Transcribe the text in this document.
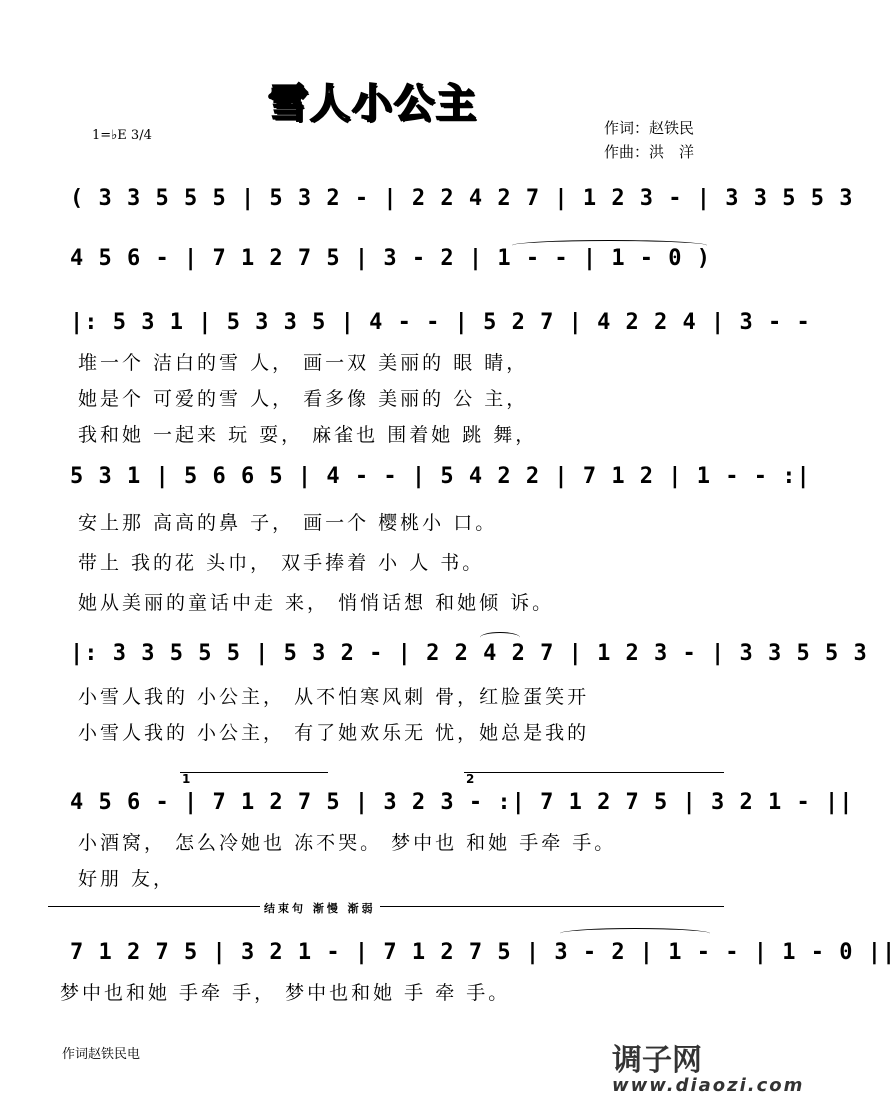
雪人小公主
1=♭E 3/4	作词：赵铁民
作曲：洪　洋
( 3 3 5 5 5 | 5 3 2 - | 2 2 4 2 7 | 1 2 3 - | 3 3 5 5 3
4 5 6 - | 7 1 2 7 5 | 3 - 2 | 1 - - | 1 - 0 )
|: 5 3 1 | 5 3 3 5 | 4 - - | 5 2 7 | 4 2 2 4 | 3 - -
堆一个 洁白的雪 人， 画一双 美丽的 眼 睛，
她是个 可爱的雪 人， 看多像 美丽的 公 主，
我和她 一起来 玩 耍， 麻雀也 围着她 跳 舞，
5 3 1 | 5 6 6 5 | 4 - - | 5 4 2 2 | 7 1 2 | 1 - - :|
安上那 高高的鼻 子， 画一个 樱桃小 口。
带上 我的花 头巾， 双手捧着 小 人 书。
她从美丽的童话中走 来， 悄悄话想 和她倾 诉。
|: 3 3 5 5 5 | 5 3 2 - | 2 2 4 2 7 | 1 2 3 - | 3 3 5 5 3
小雪人我的 小公主， 从不怕寒风刺 骨，红脸蛋笑开
小雪人我的 小公主， 有了她欢乐无 忧，她总是我的
1	2
4 5 6 - | 7 1 2 7 5 | 3 2 3 - :| 7 1 2 7 5 | 3 2 1 - ||
小酒窝， 怎么冷她也 冻不哭。 梦中也 和她 手牵 手。
好朋 友，
结束句 渐慢 渐弱
7 1 2 7 5 | 3 2 1 - | 7 1 2 7 5 | 3 - 2 | 1 - - | 1 - 0 ||
梦中也和她 手牵 手， 梦中也和她 手 牵 手。
作词赵铁民电	调子网
www.diaozi.com
